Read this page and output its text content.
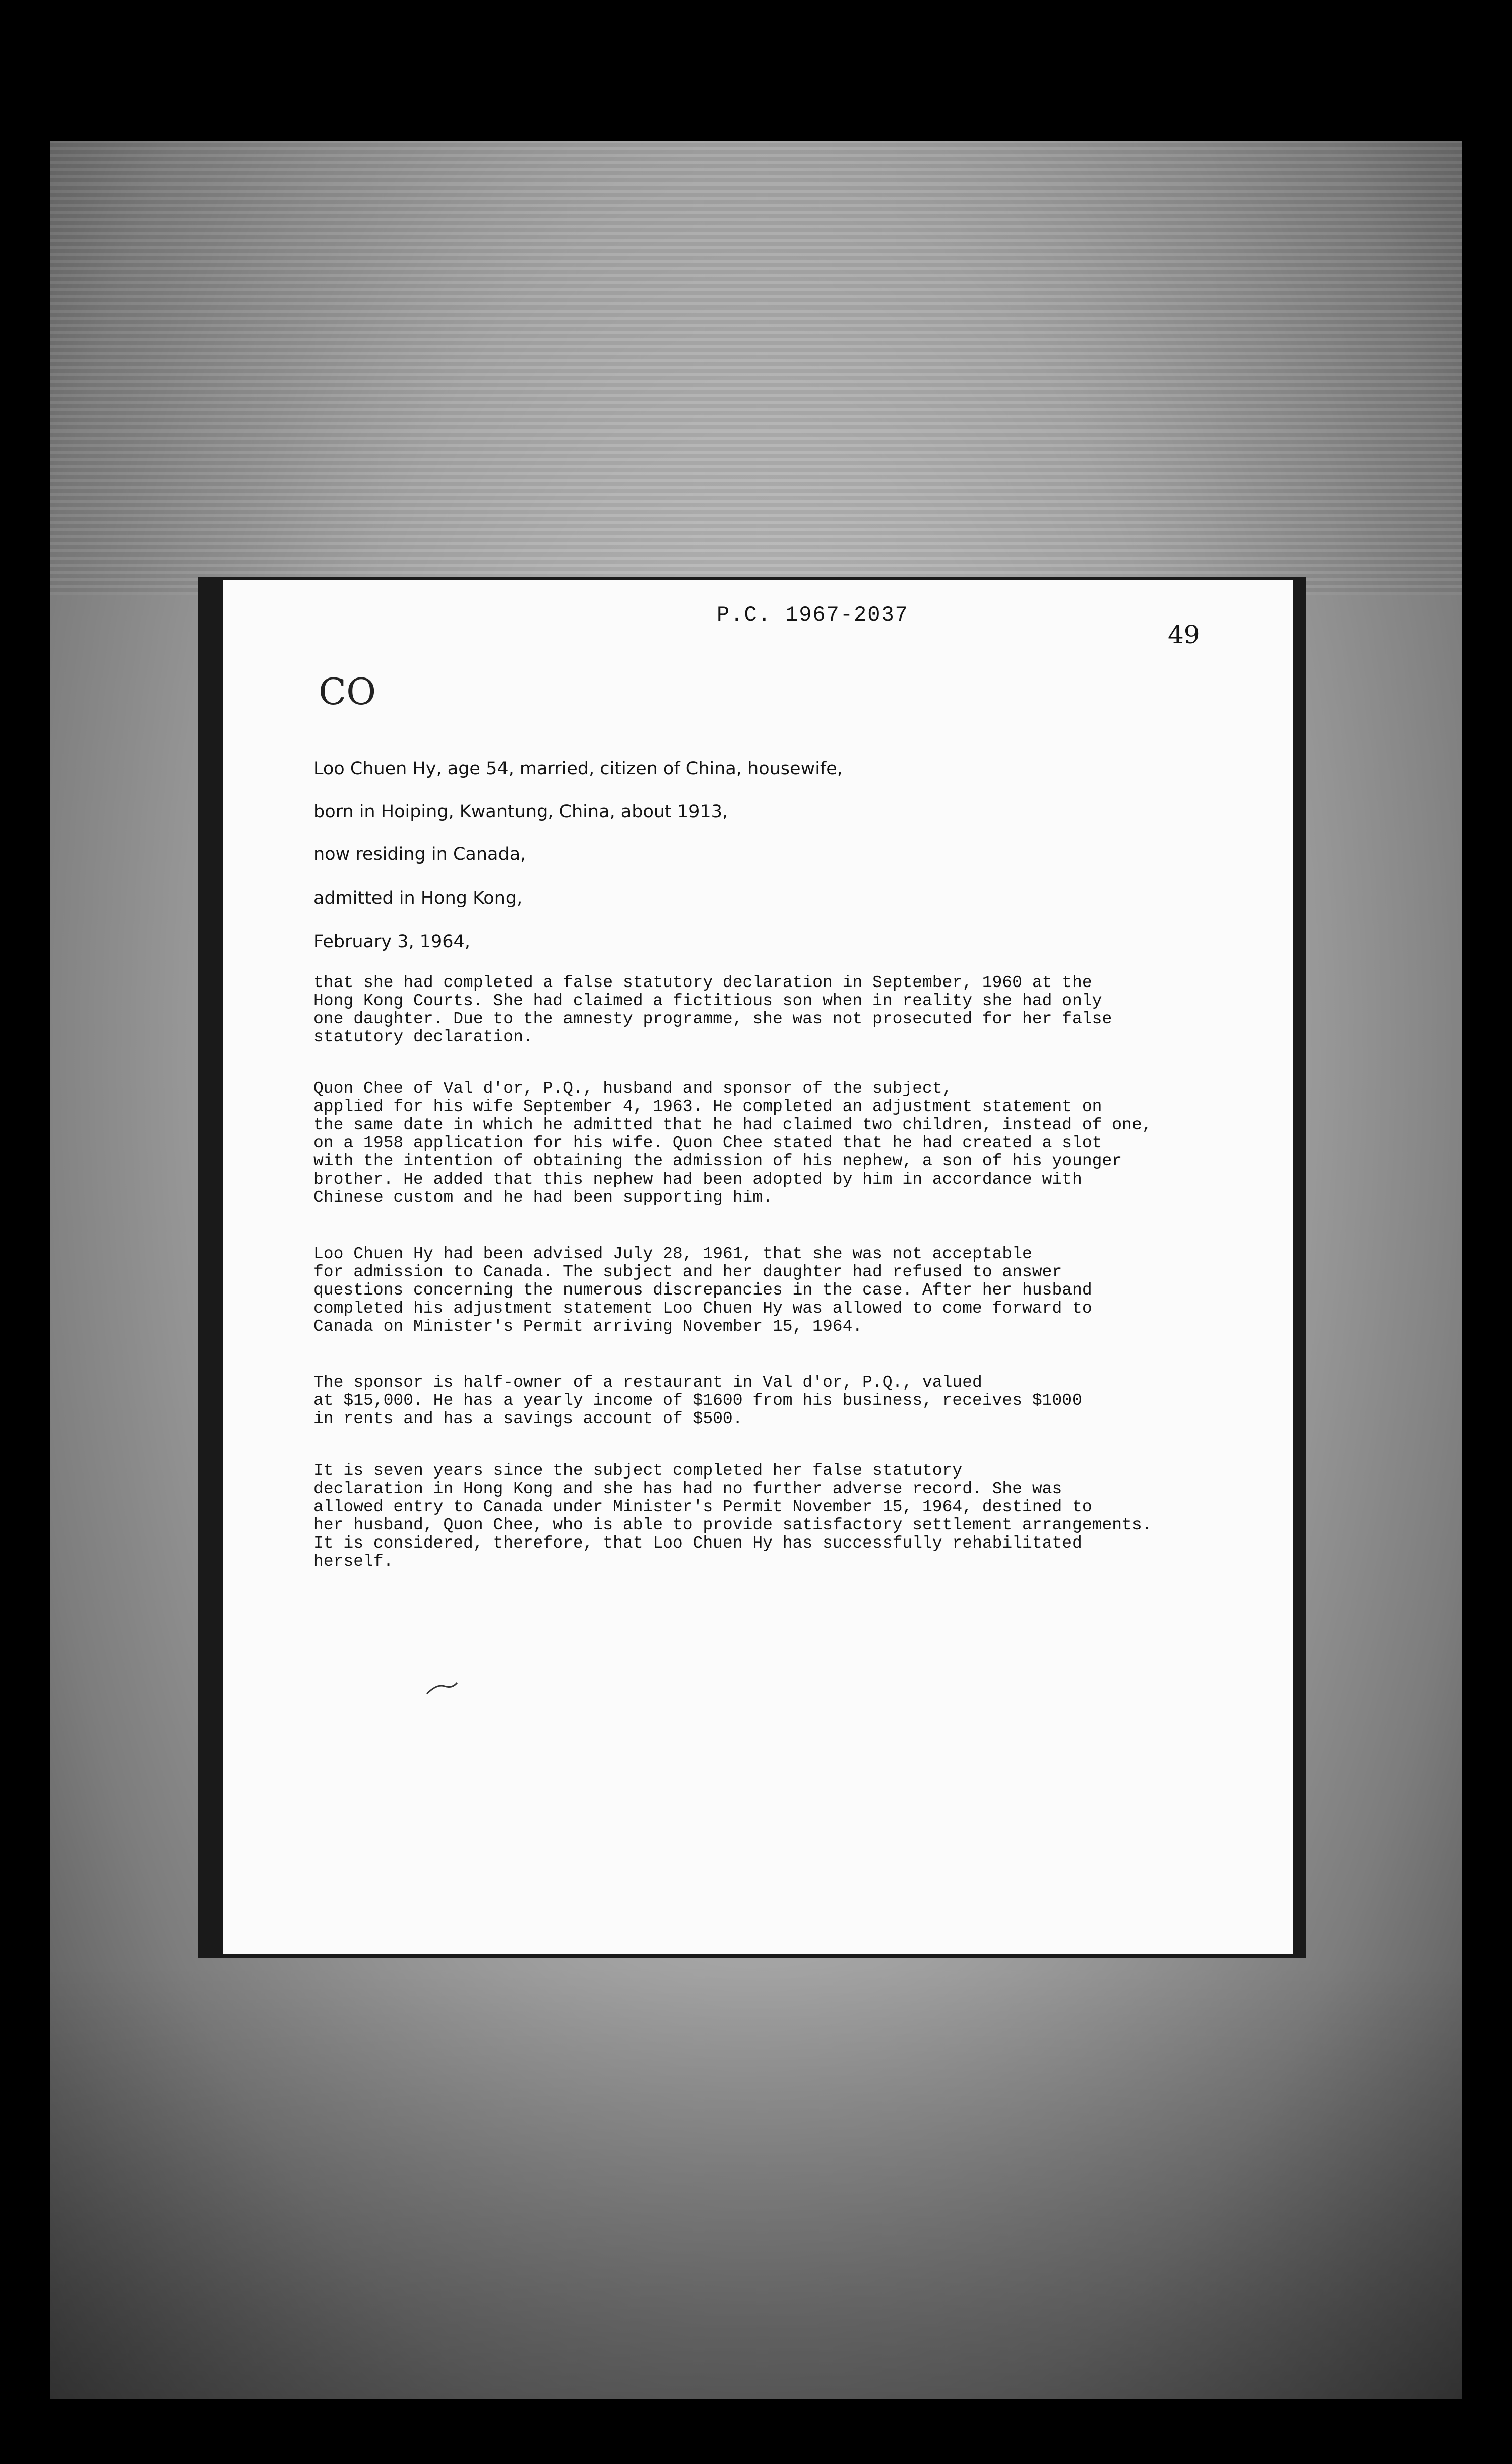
P.C. 1967-2037
49
CO
Loo Chuen Hy, age 54, married, citizen of China, housewife,
born in Hoiping, Kwantung, China, about 1913,
now residing in Canada,
admitted in Hong Kong,
February 3, 1964,
that she had completed a false statutory declaration in September, 1960 at the
Hong Kong Courts. She had claimed a fictitious son when in reality she had only
one daughter. Due to the amnesty programme, she was not prosecuted for her false
statutory declaration.
Quon Chee of Val d'or, P.Q., husband and sponsor of the subject,
applied for his wife September 4, 1963. He completed an adjustment statement on
the same date in which he admitted that he had claimed two children, instead of one,
on a 1958 application for his wife. Quon Chee stated that he had created a slot
with the intention of obtaining the admission of his nephew, a son of his younger
brother. He added that this nephew had been adopted by him in accordance with
Chinese custom and he had been supporting him.
Loo Chuen Hy had been advised July 28, 1961, that she was not acceptable
for admission to Canada. The subject and her daughter had refused to answer
questions concerning the numerous discrepancies in the case. After her husband
completed his adjustment statement Loo Chuen Hy was allowed to come forward to
Canada on Minister's Permit arriving November 15, 1964.
The sponsor is half-owner of a restaurant in Val d'or, P.Q., valued
at $15,000. He has a yearly income of $1600 from his business, receives $1000
in rents and has a savings account of $500.
It is seven years since the subject completed her false statutory
declaration in Hong Kong and she has had no further adverse record. She was
allowed entry to Canada under Minister's Permit November 15, 1964, destined to
her husband, Quon Chee, who is able to provide satisfactory settlement arrangements.
It is considered, therefore, that Loo Chuen Hy has successfully rehabilitated
herself.
